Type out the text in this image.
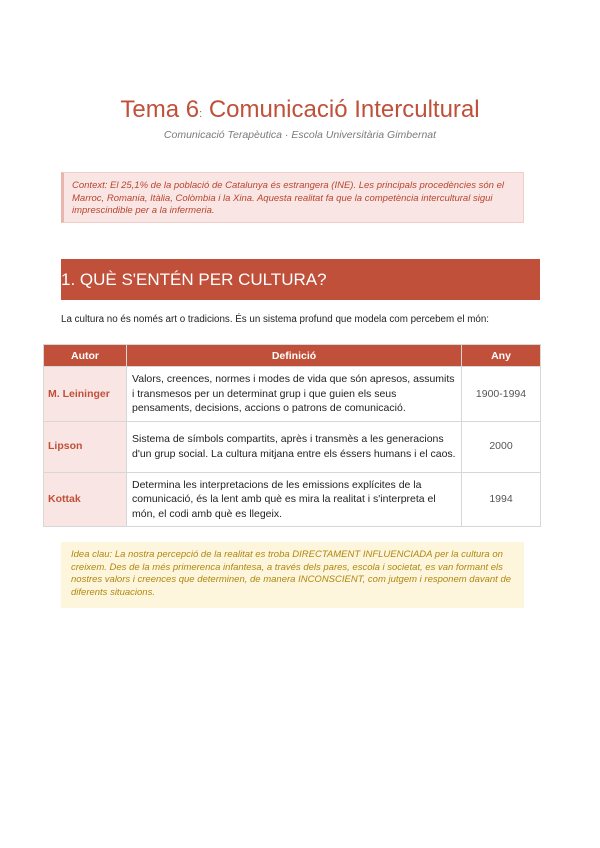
Tema 6: Comunicació Intercultural
Comunicació Terapèutica · Escola Universitària Gimbernat
Context: El 25,1% de la població de Catalunya és estrangera (INE). Les principals procedències són el Marroc, Romania, Itàlia, Colòmbia i la Xina. Aquesta realitat fa que la competència intercultural sigui imprescindible per a la infermeria.
1. QUÈ S'ENTÉN PER CULTURA?
La cultura no és només art o tradicions. És un sistema profund que modela com percebem el món:
Autor	Definició	Any
M. Leininger	Valors, creences, normes i modes de vida que són apresos, assumits i transmesos per un determinat grup i que guien els seus pensaments, decisions, accions o patrons de comunicació.	1900-1994
Lipson	Sistema de símbols compartits, après i transmès a les generacions d'un grup social. La cultura mitjana entre els éssers humans i el caos.	2000
Kottak	Determina les interpretacions de les emissions explícites de la comunicació, és la lent amb què es mira la realitat i s'interpreta el món, el codi amb què es llegeix.	1994
Idea clau: La nostra percepció de la realitat es troba DIRECTAMENT INFLUENCIADA per la cultura on creixem. Des de la més primerenca infantesa, a través dels pares, escola i societat, es van formant els nostres valors i creences que determinen, de manera INCONSCIENT, com jutgem i responem davant de diferents situacions.
